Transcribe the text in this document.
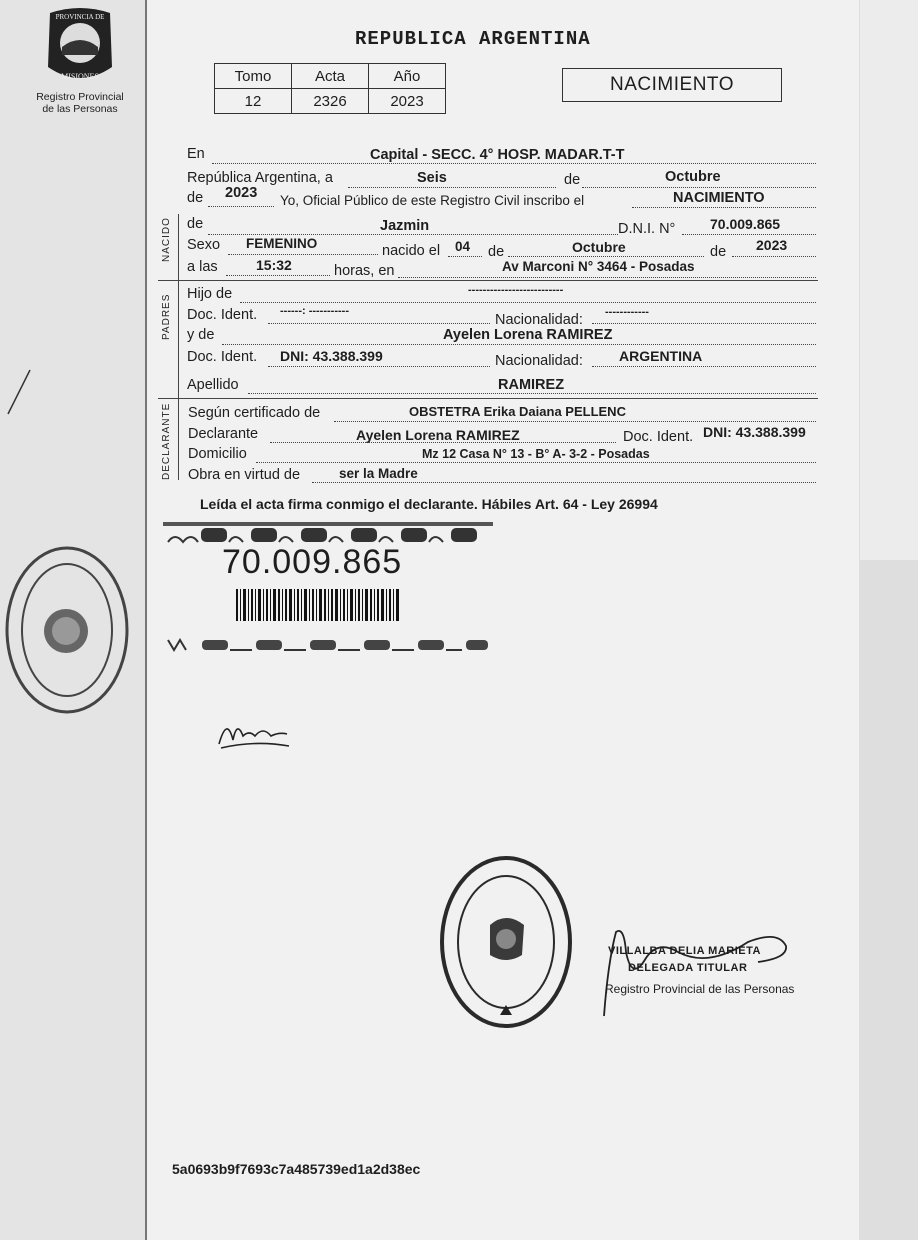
PROVINCIA DE
MISIONES
Registro Provincial
de las Personas
REPUBLICA ARGENTINA
Tomo	Acta	Año
12	2326	2023
NACIMIENTO
NACIDO
PADRES
DECLARANTE
En	Capital - SECC. 4° HOSP. MADAR.T-T
República Argentina, a	Seis	de	Octubre
de 2023 Yo, Oficial Público de este Registro Civil inscribo el	NACIMIENTO
de	Jazmin	D.N.I. N° 70.009.865
Sexo FEMENINO	nacido el 04 de	Octubre	de 2023
a las	15:32	horas, en	Av Marconi N° 3464 - Posadas
Hijo de	--------------------------
Doc. Ident. ------: -----------
Nacionalidad: ------------
y de	Ayelen Lorena RAMIREZ
Doc. Ident. DNI: 43.388.399	Nacionalidad:	ARGENTINA
Apellido	RAMIREZ
Según certificado de	OBSTETRA Erika Daiana PELLENC
Declarante	Ayelen Lorena RAMIREZ	Doc. Ident. DNI: 43.388.399
Domicilio	Mz 12 Casa N° 13 - B° A- 3-2 - Posadas
Obra en virtud de	ser la Madre
Leída el acta firma conmigo el declarante. Hábiles Art. 64 - Ley 26994
70.009.865
VILLALBA DELIA MARIETA
DELEGADA TITULAR
Registro Provincial de las Personas
5a0693b9f7693c7a485739ed1a2d38ec
